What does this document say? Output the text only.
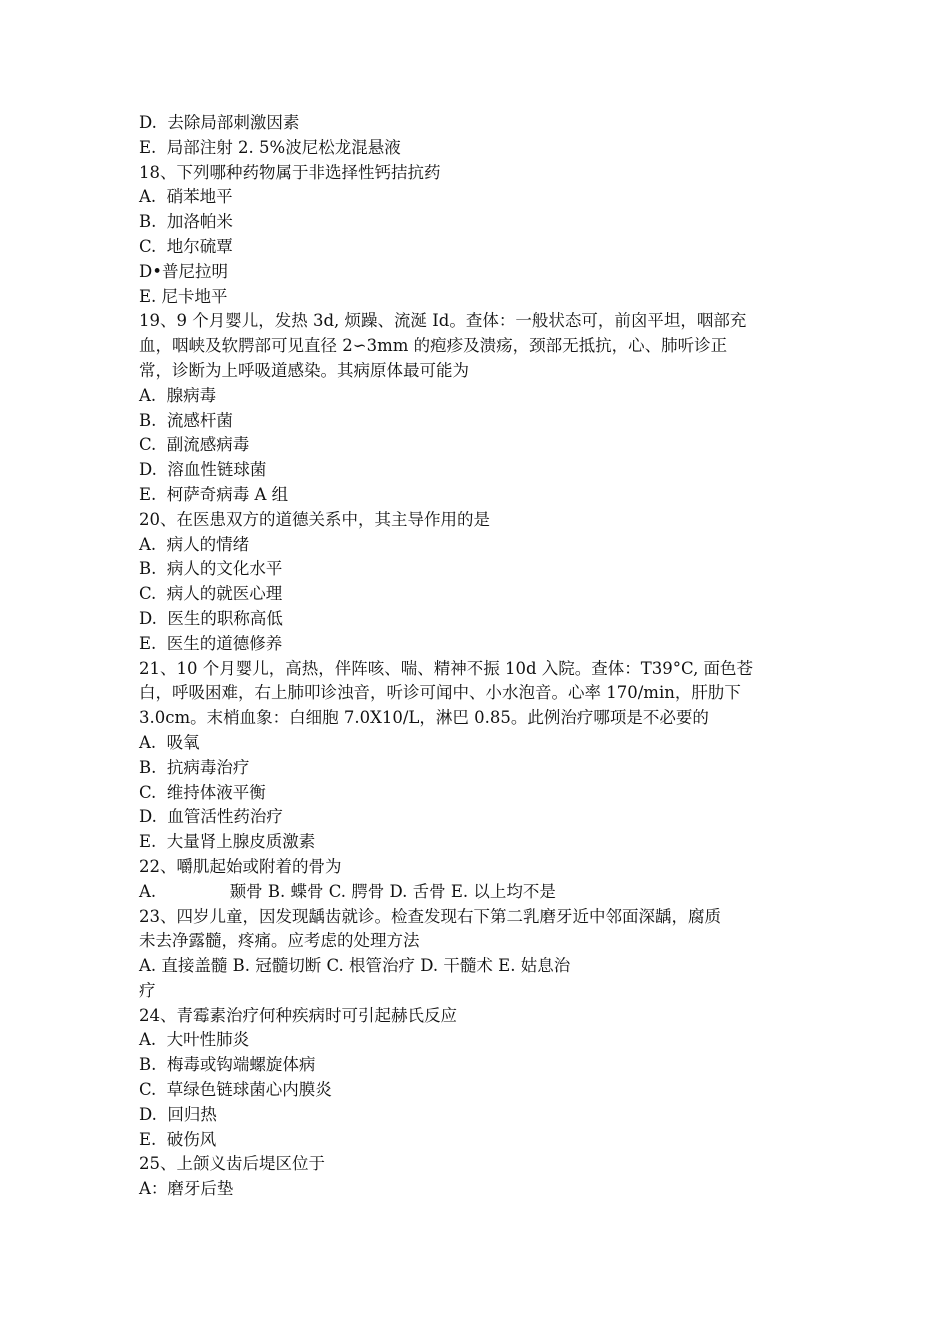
D.  去除局部刺激因素
E.  局部注射 2. 5%波尼松龙混悬液
18、下列哪种药物属于非选择性钙拮抗药
A.  硝苯地平
B.  加洛帕米
C.  地尔硫覃
D•普尼拉明
E. 尼卡地平
19、9 个月婴儿，发热 3d, 烦躁、流涎 Id。查体：一般状态可，前囟平坦，咽部充
血，咽峡及软腭部可见直径 2∽3mm 的疱疹及溃疡，颈部无抵抗，心、肺听诊正
常，诊断为上呼吸道感染。其病原体最可能为
A.  腺病毒
B.  流感杆菌
C.  副流感病毒
D.  溶血性链球菌
E.  柯萨奇病毒 A 组
20、在医患双方的道德关系中，其主导作用的是
A.  病人的情绪
B.  病人的文化水平
C.  病人的就医心理
D.  医生的职称高低
E.  医生的道德修养
21、10 个月婴儿，高热，伴阵咳、喘、精神不振 10d 入院。查体：T39°C, 面色苍
白，呼吸困难，右上肺叩诊浊音，听诊可闻中、小水泡音。心率 170/min，肝肋下
3.0cm。末梢血象：白细胞 7.0X10/L，淋巴 0.85。此例治疗哪项是不必要的
A.  吸氧
B.  抗病毒治疗
C.  维持体液平衡
D.  血管活性药治疗
E.  大量肾上腺皮质激素
22、嚼肌起始或附着的骨为
A.              颞骨 B. 蝶骨 C. 腭骨 D. 舌骨 E. 以上均不是
23、四岁儿童，因发现龋齿就诊。检查发现右下第二乳磨牙近中邻面深龋，腐质
未去净露髓，疼痛。应考虑的处理方法
A. 直接盖髓 B. 冠髓切断 C. 根管治疗 D. 干髓术 E. 姑息治
疗
24、青霉素治疗何种疾病时可引起赫氏反应
A.  大叶性肺炎
B.  梅毒或钩端螺旋体病
C.  草绿色链球菌心内膜炎
D.  回归热
E.  破伤风
25、上颌义齿后堤区位于
A：磨牙后垫
